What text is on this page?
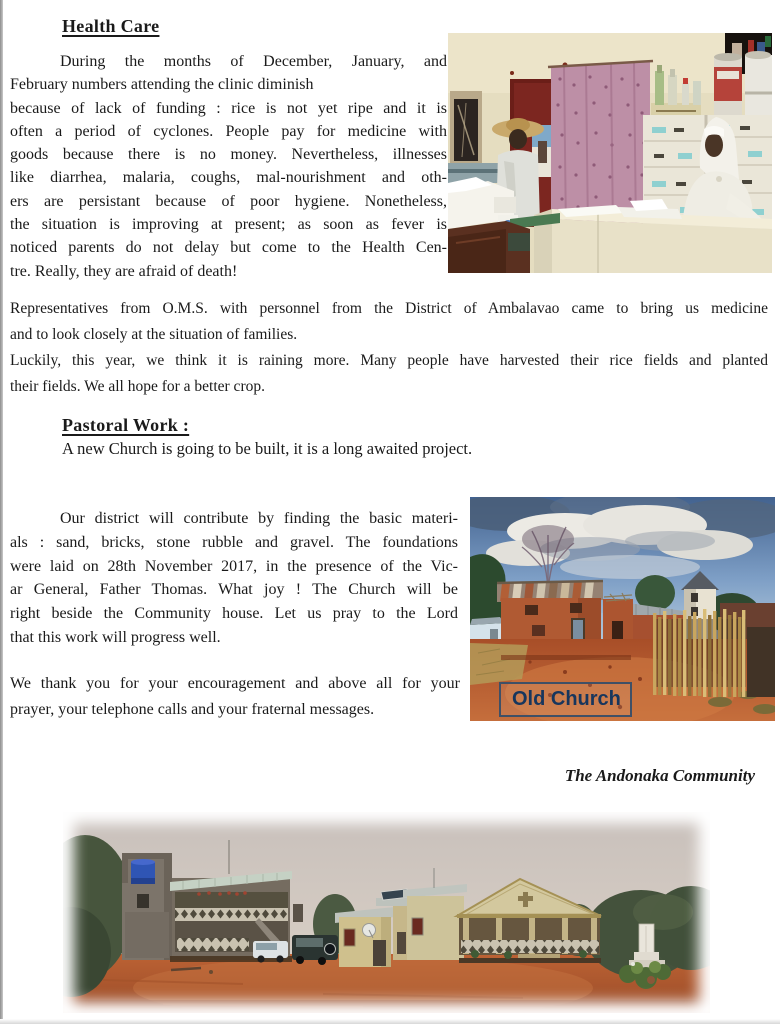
Health Care
During the months of December, January, and
February numbers attending the clinic diminish
because of lack of funding : rice is not yet ripe and it is
often a period of cyclones. People pay for medicine with
goods because there is no money. Nevertheless, illnesses
like diarrhea, malaria, coughs, mal-nourishment and oth-
ers are persistant because of poor hygiene. Nonetheless,
the situation is improving at present; as soon as fever is
noticed parents do not delay but come to the Health Cen-
tre. Really, they are afraid of death!
Representatives from O.M.S. with personnel from the District of Ambalavao came to bring us medicine
and to look closely at the situation of families.
Luckily, this year, we think it is raining more. Many people have harvested their rice fields and planted
their fields. We all hope for a better crop.
Pastoral Work :
A new Church is going to be built, it is a long awaited project.
Our district will contribute by finding the basic materi-
als : sand, bricks, stone rubble and gravel. The foundations
were laid on 28th November 2017, in the presence of the Vic-
ar General, Father Thomas. What joy ! The Church will be
right beside the Community house. Let us pray to the Lord
that this work will progress well.
We thank you for your encouragement and above all for your
prayer, your telephone calls and your fraternal messages.	Old Church
The Andonaka Community
